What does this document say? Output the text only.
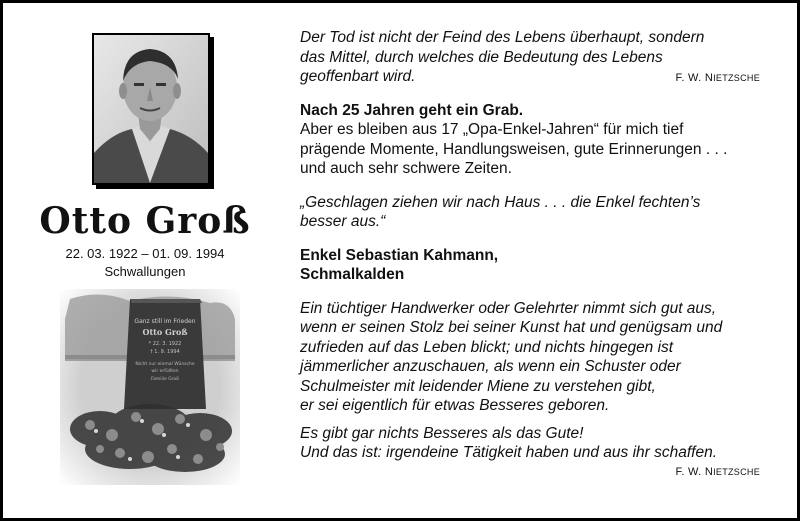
Otto Groß
22. 03. 1922 – 01. 09. 1994
Schwallungen
Ganz still im Frieden
Otto Groß
* 22. 3. 1922
† 1. 9. 1994
Nicht nur einmal Wünsche
wir erfüllten
Familie Groß

Der Tod ist nicht der Feind des Lebens überhaupt, sondern

das Mittel, durch welches die Bedeutung des Lebens

geoffenbart wird.	F. W. NIETZSCHE

Nach 25 Jahren geht ein Grab.

Aber es bleiben aus 17 „Opa-Enkel-Jahren“ für mich tief

prägende Momente, Handlungsweisen, gute Erinnerungen . . .

und auch sehr schwere Zeiten.

„Geschlagen ziehen wir nach Haus . . . die Enkel fechten’s

besser aus.“

Enkel Sebastian Kahmann,

Schmalkalden

Ein tüchtiger Handwerker oder Gelehrter nimmt sich gut aus,

wenn er seinen Stolz bei seiner Kunst hat und genügsam und

zufrieden auf das Leben blickt; und nichts hingegen ist

jämmerlicher anzuschauen, als wenn ein Schuster oder

Schulmeister mit leidender Miene zu verstehen gibt,

er sei eigentlich für etwas Besseres geboren.

Es gibt gar nichts Besseres als das Gute!

Und das ist: irgendeine Tätigkeit haben und aus ihr schaffen.

F. W. NIETZSCHE
